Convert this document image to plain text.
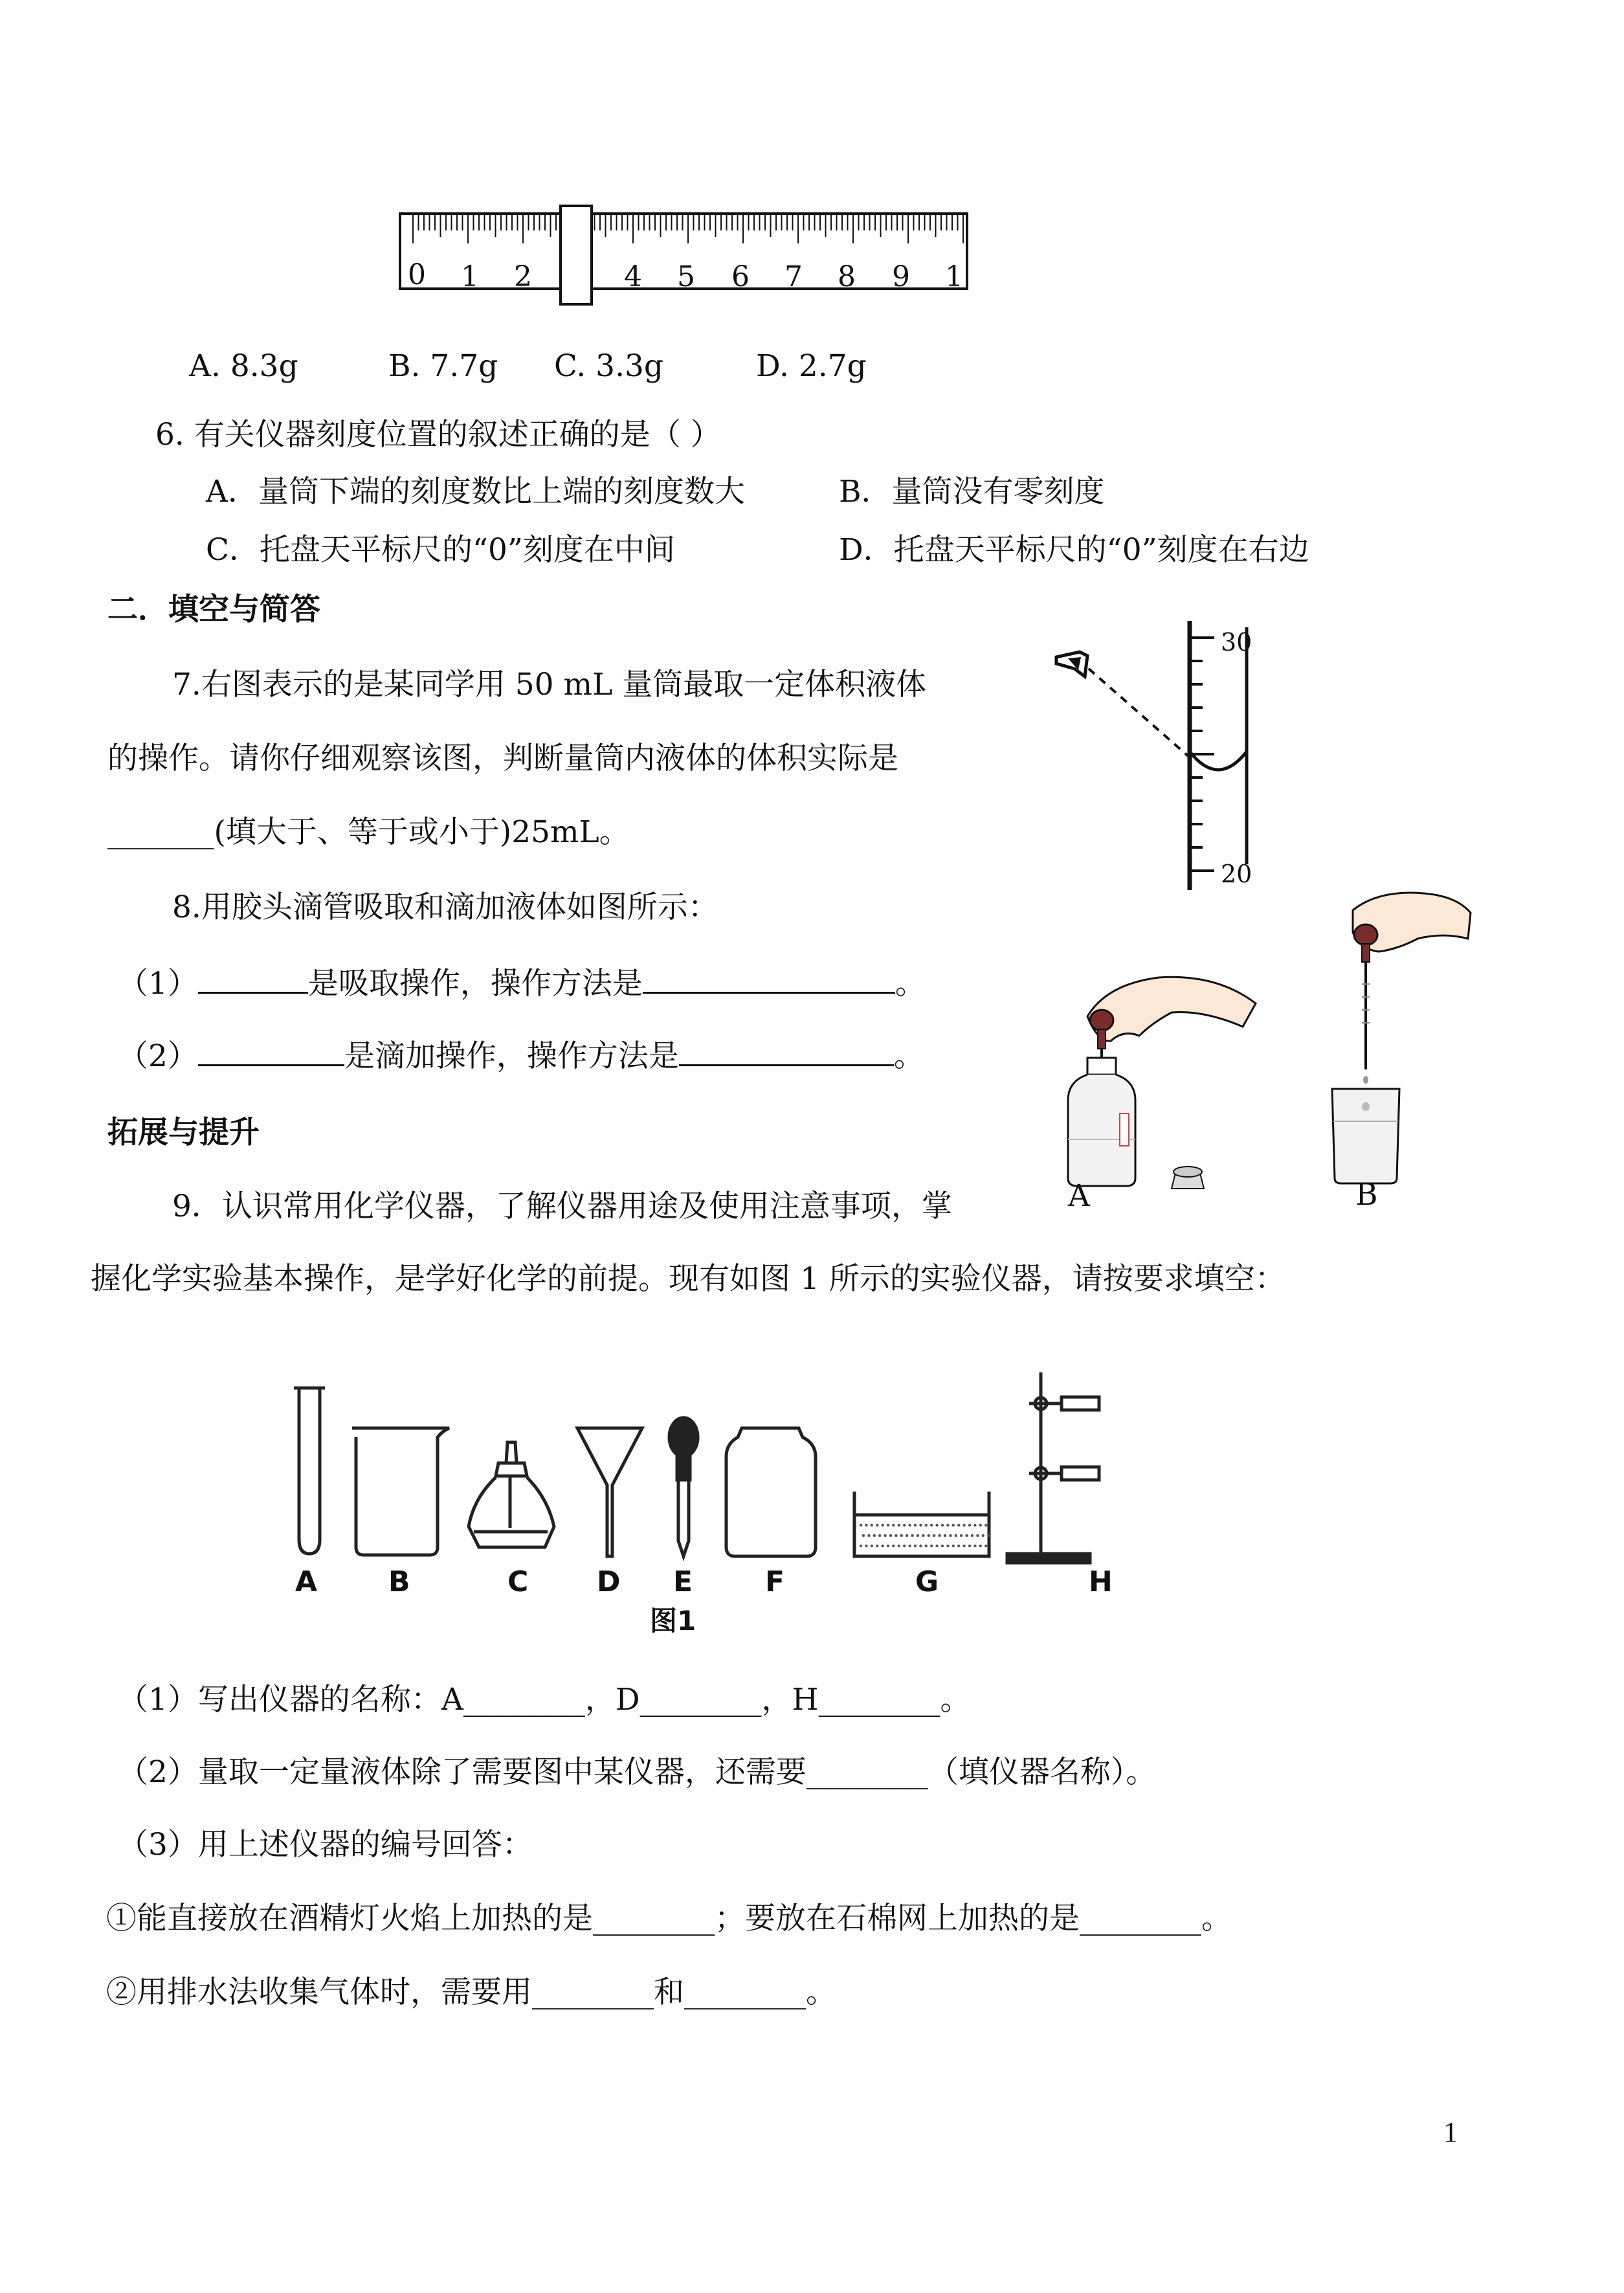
0 1 2	4 5 6 7 8 9 1
A. 8.3g	B. 7.7g C. 3.3g	D. 2.7g
6. 有关仪器刻度位置的叙述正确的是（ ）
A．量筒下端的刻度数比上端的刻度数大	B．量筒没有零刻度
C．托盘天平标尺的“0”刻度在中间	D．托盘天平标尺的“0”刻度在右边
二．填空与简答
7.右图表示的是某同学用 50 mL 量筒最取一定体积液体
的操作。请你仔细观察该图，判断量筒内液体的体积实际是
_______(填大于、等于或小于)25mL。
30
20
8.用胶头滴管吸取和滴加液体如图所示：
（1）	是吸取操作，操作方法是	。
（2）	是滴加操作，操作方法是	。
A	B
拓展与提升
9．认识常用化学仪器，了解仪器用途及使用注意事项，掌
握化学实验基本操作，是学好化学的前提。现有如图 1 所示的实验仪器，请按要求填空：
A B	C D E	F	G	H
图1
（1）写出仪器的名称：A________，D________，H________。
（2）量取一定量液体除了需要图中某仪器，还需要________（填仪器名称）。
（3）用上述仪器的编号回答：
①能直接放在酒精灯火焰上加热的是________；要放在石棉网上加热的是________。
②用排水法收集气体时，需要用________和________。
1
